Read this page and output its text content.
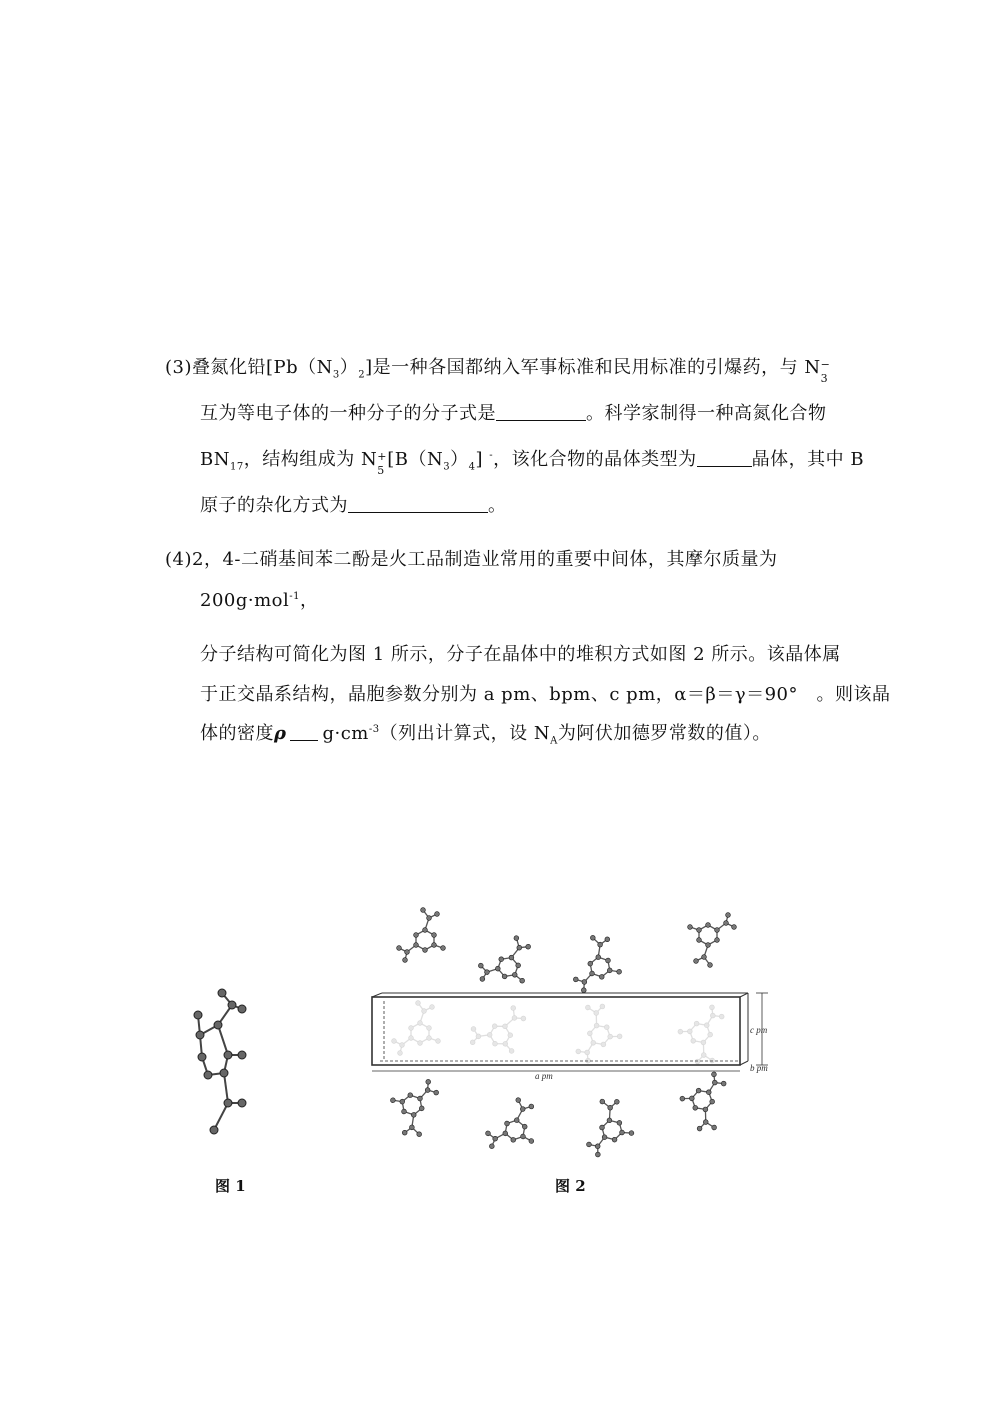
(3)叠氮化铅$[Pb(N_3)_2]$是一种各国都纳入军事标准和民用标准的引爆药，与 N −
3
互为等电子体的一种分子的分子式是	。科学家制得一种高氮化合物
$BN_{17}$，结构组成为 N +
5
$[B(N_3)_4]$ -，该化合物的晶体类型为	晶体，其中 B
原子的杂化方式为	。
(4)2，4-二硝基间苯二酚是火工品制造业常用的重要中间体，其摩尔质量为
200g·mol$^{-1}$，
分子结构可简化为图 1 所示，分子在晶体中的堆积方式如图 2 所示。该晶体属
于正交晶系结构，晶胞参数分别为 a pm、bpm、c pm，α＝β＝γ＝90°　。则该晶
体的密度ρ $g\cdot cm^{-3}$（列出计算式，设 $N_A$为阿伏加德罗常数的值）。
图 1
a pm
b pm
c pm
图 2
